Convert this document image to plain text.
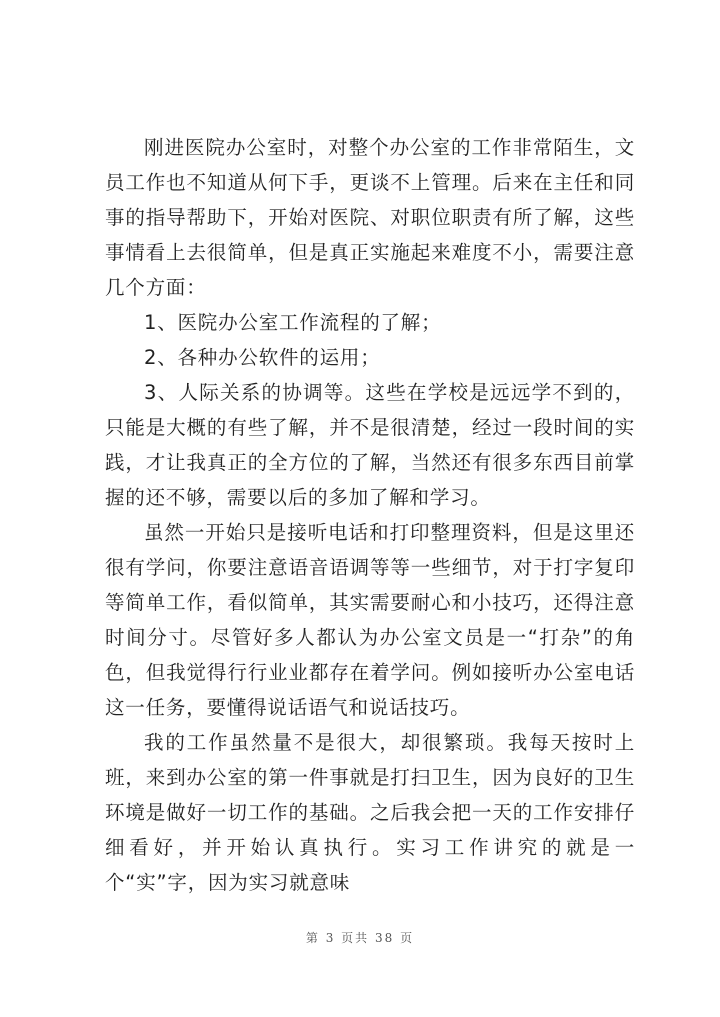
刚进医院办公室时，对整个办公室的工作非常陌生，文员工作也不知道从何下手，更谈不上管理。后来在主任和同事的指导帮助下，开始对医院、对职位职责有所了解，这些事情看上去很简单，但是真正实施起来难度不小，需要注意几个方面：

1、医院办公室工作流程的了解；

2、各种办公软件的运用；

3、人际关系的协调等。这些在学校是远远学不到的，只能是大概的有些了解，并不是很清楚，经过一段时间的实践，才让我真正的全方位的了解，当然还有很多东西目前掌握的还不够，需要以后的多加了解和学习。

虽然一开始只是接听电话和打印整理资料，但是这里还很有学问，你要注意语音语调等等一些细节，对于打字复印等简单工作，看似简单，其实需要耐心和小技巧，还得注意时间分寸。尽管好多人都认为办公室文员是一“打杂”的角色，但我觉得行行业业都存在着学问。例如接听办公室电话这一任务，要懂得说话语气和说话技巧。

我的工作虽然量不是很大，却很繁琐。我每天按时上班，来到办公室的第一件事就是打扫卫生，因为良好的卫生环境是做好一切工作的基础。之后我会把一天的工作安排仔细看好，并开始认真执行。实习工作讲究的就是一个“实”字，因为实习就意味

第 3 页共 38 页
